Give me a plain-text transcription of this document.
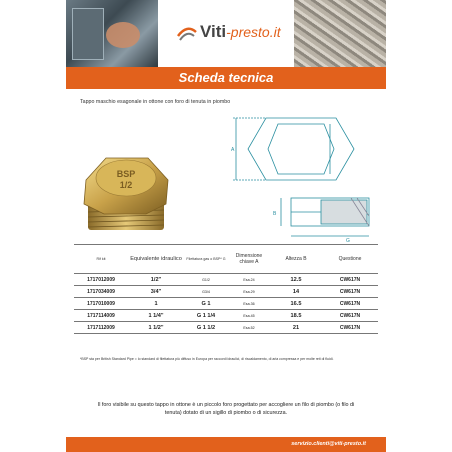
Viti-presto.it
Scheda tecnica
Tappo maschio esagonale in ottone con foro di tenuta in piombo
BSP
1/2
A
B
G
Rif kit	Equivalente idraulico	Filettatura gas o BSP* G	Dimensione chiave A	Altezza B	Questione
1717012009	1/2"	G1/2	Esa.24	12.5	CW617N
1717034009	3/4"	G3/4	Esa.29	14	CW617N
1717010009	1	G 1	Esa.36	16.5	CW617N
1717114009	1 1/4"	G 1 1/4	Esa.45	18.5	CW617N
1717112009	1 1/2"	G 1 1/2	Esa.52	21	CW617N
*BSP sta per British Standard Pipe = lo standard di filettatura più diffuso in Europa per raccordi idraulici, di riscaldamento, di aria compressa e per molte reti di fluidi.
Il foro visibile su questo tappo in ottone è un piccolo foro progettato per accogliere un filo di piombo (o filo di tenuta) dotato di un sigillo di piombo o di sicurezza.
servizio.clienti@viti-presto.it
